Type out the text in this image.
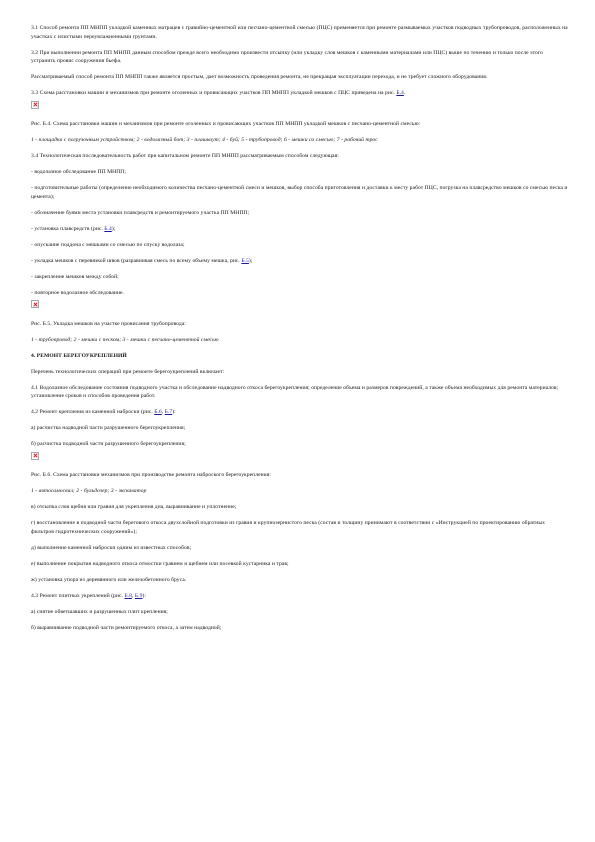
3.1 Способ ремонта ПП МНПП укладкой каменных матрацев с гравийно-цементной или песчано-цементной смесью (ПЦС) применяется при ремонте размываемых участков подводных трубопроводов, расположенных на участках с илистыми переувлажненными грунтами.

3.2 При выполнении ремонта ПП МНПП данным способом прежде всего необходимо произвести отсыпку (или укладку слоя мешков с каменными материалами или ПЦС) выше по течению и только после этого устранить провис сооружения бьефа.

Рассматриваемый способ ремонта ПП МНПП также является простым, дает возможность проведения ремонта, не прекращая эксплуатации перехода, и не требует сложного оборудования.

3.3 Схема расстановки машин и механизмов при ремонте оголенных и провисающих участков ПП МНПП укладкой мешков с ПЦС приведена на рис. Б.4.

Рис. Б.4. Схема расстановки машин и механизмов при ремонте оголенных и провисающих участков ПП МНПП укладкой мешков с песчано-цементной смесью:

1 - площадка с погрузочным устройством; 2 - водолазный бот; 3 - плашкоут; 4 - буй; 5 - трубопровод; 6 - мешки со смесью; 7 - рабочий трос

3.4 Технологическая последовательность работ при капитальном ремонте ПП МНПП рассматриваемым способом следующая:

- водолазное обследование ПП МНПП;

- подготовительные работы (определение необходимого количества песчано-цементной смеси и мешков, выбор способа приготовления и доставки к месту работ ПЦС, погрузка на плавсредство мешков со смесью песка и цемента);

- обозначение буями места установки плавсредств и ремонтируемого участка ПП МНПП;

- установка плавсредств (рис. Б.4);

- опускание поддона с мешками со смесью по спуску водолаза;

- укладка мешков с перевязкой швов (разравнивая смесь по всему объему мешка, рис. Б.5);

- закрепление мешков между собой;

- повторное водолазное обследование.

Рис. Б.5. Укладка мешков на участке провисания трубопровода:

1 - трубопровод; 2 - мешки с песком; 3 - мешки с песчано-цементной смесью

4. РЕМОНТ БЕРЕГОУКРЕПЛЕНИЙ

Перечень технологических операций при ремонте берегоукреплений включает:

4.1 Водолазное обследование состояния подводного участка и обследование надводного откоса берегоукрепления; определение объема и размеров повреждений, а также объема необходимых для ремонта материалов; установление сроков и способов проведения работ.

4.2 Ремонт крепления из каменной наброски (рис. Б.6, Б.7):

а) расчистка надводной части разрушенного берегоукрепления;

б) расчистка подводной части разрушенного берегоукрепления;

Рис. Б.6. Схема расстановки механизмов при производстве ремонта наброского берегоукрепления:

1 - автосамосвал; 2 - бульдозер; 3 - экскаватор

в) отсыпка слоя щебня или гравия для укрепления дна, выравнивание и уплотнение;

г) восстановление в подводной части берегового откоса двухслойной подготовки из гравия и крупнозернистого песка (состав и толщину принимают в соответствии с «Инструкцией по проектированию обратных фильтров гидротехнических сооружений»);

д) выполнение каменной наброски одним из известных способов;

е) выполнение покрытия надводного откоса отмостки гравием и щебнем или посевкой кустарника и трав;

ж) установка упора из деревянного или железобетонного бруса.

4.3 Ремонт плитных укреплений (рис. Б.8, Б.9):

а) снятие обветшавших и разрушенных плит крепления;

б) выравнивание подводной части ремонтируемого откоса, а затем надводной;
